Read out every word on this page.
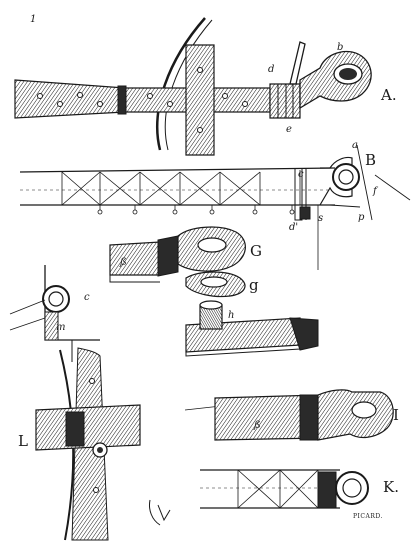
1
b
d
e
A.
a
B
c
f
d'
s	p
ß
G
g
h
c
m
L
ß
I
K.
PICARD.
